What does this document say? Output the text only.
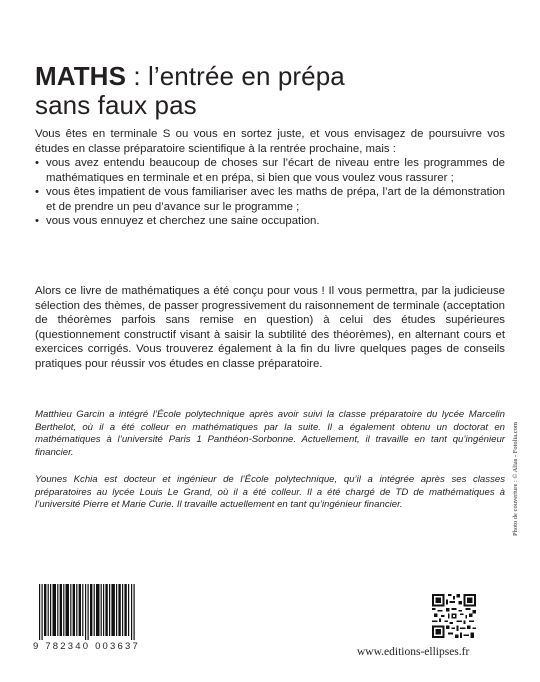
MATHS : l’entrée en prépa
sans faux pas

Vous êtes en terminale S ou vous en sortez juste, et vous envisagez de poursuivre vos études en classe préparatoire scientifique à la rentrée prochaine, mais :

• vous avez entendu beaucoup de choses sur l’écart de niveau entre les programmes de mathématiques en terminale et en prépa, si bien que vous voulez vous rassurer ;
• vous êtes impatient de vous familiariser avec les maths de prépa, l’art de la démonstration et de prendre un peu d’avance sur le programme ;
• vous vous ennuyez et cherchez une saine occupation.

Alors ce livre de mathématiques a été conçu pour vous ! Il vous permettra, par la judicieuse sélection des thèmes, de passer progressivement du raisonnement de terminale (acceptation de théorèmes parfois sans remise en question) à celui des études supérieures (questionnement constructif visant à saisir la subtilité des théorèmes), en alternant cours et exercices corrigés. Vous trouverez également à la fin du livre quelques pages de conseils pratiques pour réussir vos études en classe préparatoire.

Matthieu Garcin a intégré l’École polytechnique après avoir suivi la classe préparatoire du lycée Marcelin Berthelot, où il a été colleur en mathématiques par la suite. Il a également obtenu un doctorat en mathématiques à l’université Paris 1 Panthéon-Sorbonne. Actuellement, il travaille en tant qu’ingénieur financier.

Younes Kchia est docteur et ingénieur de l’École polytechnique, qu’il a intégrée après ses classes préparatoires au lycée Louis Le Grand, où il a été colleur. Il a été chargé de TD de mathématiques à l’université Pierre et Marie Curie. Il travaille actuellement en tant qu’ingénieur financier.	Photo de couverture : © Alias - Fotolia.com
9 782340 003637	www.editions-ellipses.fr
